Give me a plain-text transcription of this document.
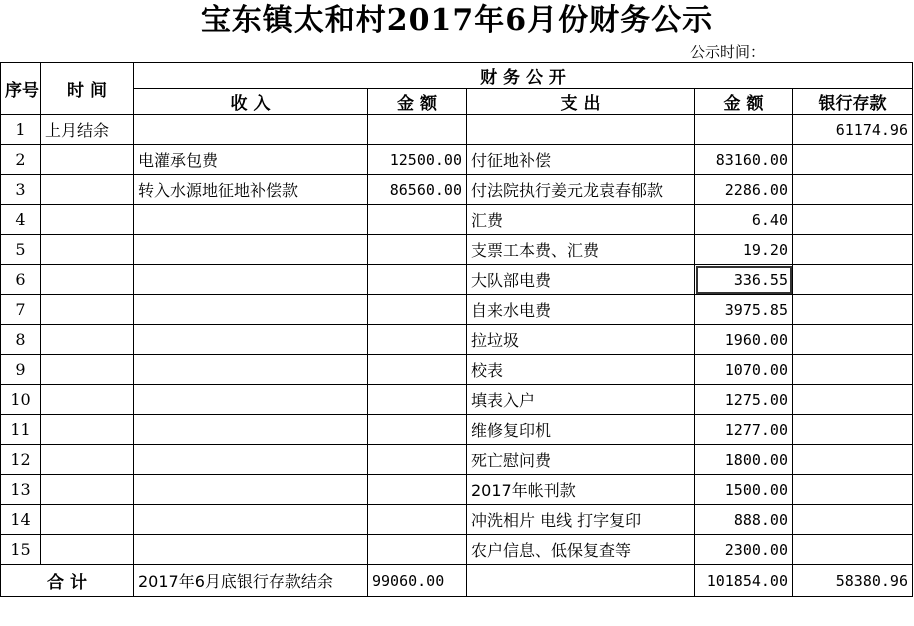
宝东镇太和村2017年6月份财务公示
公示时间：
序号	时 间	财 务 公 开				
		收 入	金 额	支 出	金 额	银行存款
1	上月结余					61174.96
2		电灌承包费	12500.00	付征地补偿	83160.00	
3		转入水源地征地补偿款	86560.00	付法院执行姜元龙袁春郁款	2286.00	
4				汇费	6.40	
5				支票工本费、汇费	19.20	
6				大队部电费	336.55	
7				自来水电费	3975.85	
8				拉垃圾	1960.00	
9				校表	1070.00	
10				填表入户	1275.00	
11				维修复印机	1277.00	
12				死亡慰问费	1800.00	
13				2017年帐刊款	1500.00	
14				冲洗相片 电线 打字复印	888.00	
15				农户信息、低保复查等	2300.00	
合 计		2017年6月底银行存款结余	99060.00		101854.00	58380.96
